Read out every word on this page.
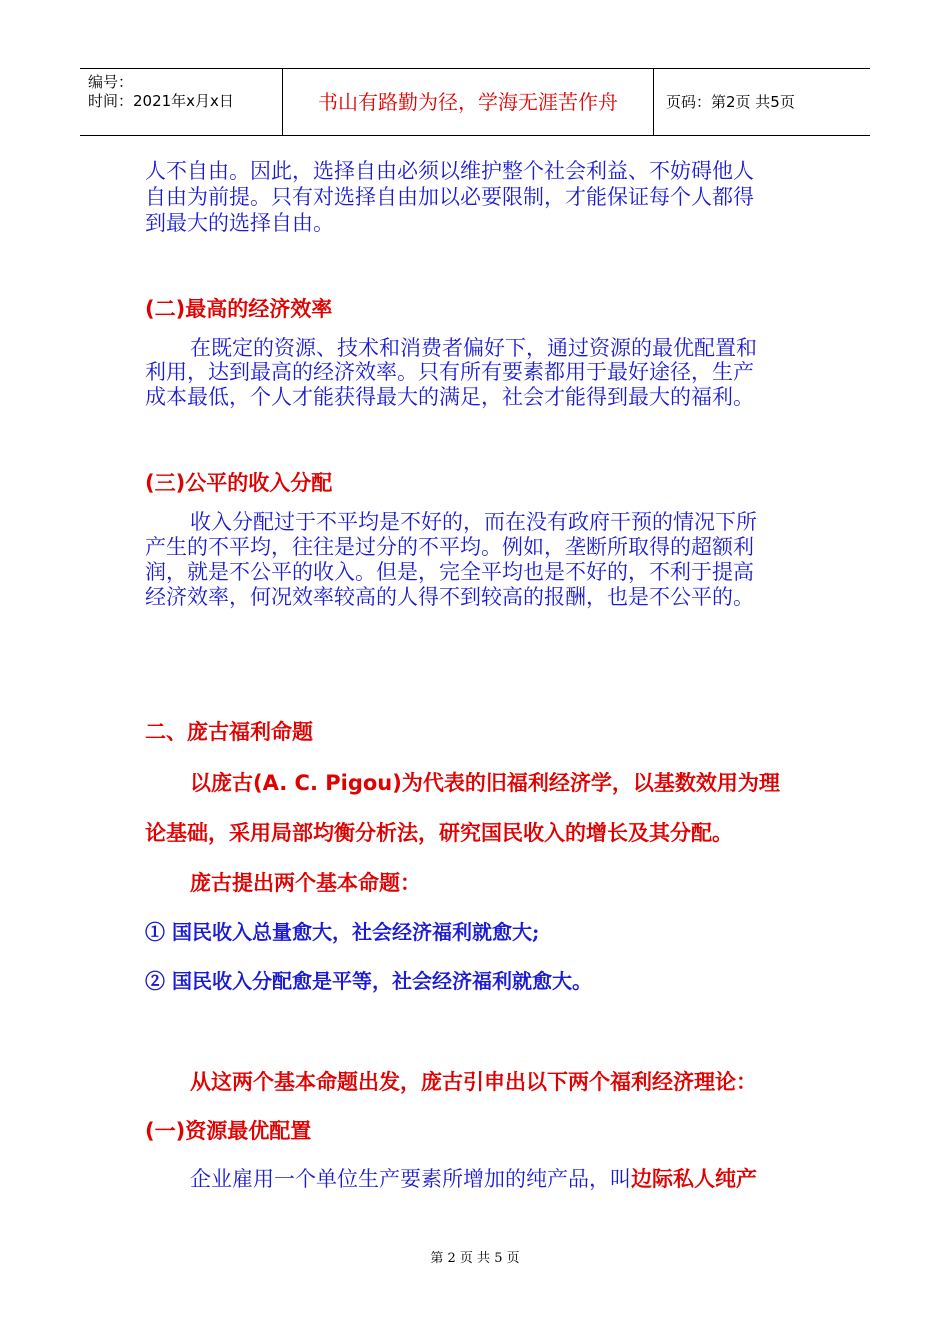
编号：
时间：2021年x月x日	书山有路勤为径，学海无涯苦作舟	页码：第2页 共5页
人不自由。因此，选择自由必须以维护整个社会利益、不妨碍他人
自由为前提。只有对选择自由加以必要限制，才能保证每个人都得
到最大的选择自由。
(二)最高的经济效率
在既定的资源、技术和消费者偏好下，通过资源的最优配置和
利用，达到最高的经济效率。只有所有要素都用于最好途径，生产
成本最低，个人才能获得最大的满足，社会才能得到最大的福利。
(三)公平的收入分配
收入分配过于不平均是不好的，而在没有政府干预的情况下所
产生的不平均，往往是过分的不平均。例如，垄断所取得的超额利
润，就是不公平的收入。但是，完全平均也是不好的，不利于提高
经济效率，何况效率较高的人得不到较高的报酬，也是不公平的。
二、庞古福利命题
以庞古(A. C. Pigou)为代表的旧福利经济学，以基数效用为理
论基础，采用局部均衡分析法，研究国民收入的增长及其分配。
庞古提出两个基本命题：
① 国民收入总量愈大，社会经济福利就愈大;
② 国民收入分配愈是平等，社会经济福利就愈大。
从这两个基本命题出发，庞古引申出以下两个福利经济理论：
(一)资源最优配置
企业雇用一个单位生产要素所增加的纯产品，叫边际私人纯产
第 2 页 共 5 页
